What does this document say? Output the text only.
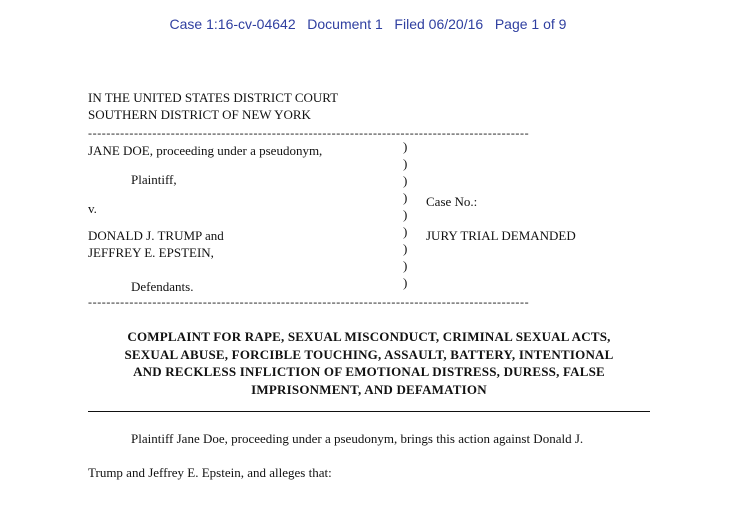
Case 1:16-cv-04642   Document 1   Filed 06/20/16   Page 1 of 9
IN THE UNITED STATES DISTRICT COURT
SOUTHERN DISTRICT OF NEW YORK
------------------------------------------------------------------------------------------------
JANE DOE, proceeding under a pseudonym,
Plaintiff,
v.
DONALD J. TRUMP and
JEFFREY E. EPSTEIN,
Defendants.
------------------------------------------------------------------------------------------------
)
)
)
)
)
)
)
)
)
Case No.:
JURY TRIAL DEMANDED
COMPLAINT FOR RAPE, SEXUAL MISCONDUCT, CRIMINAL SEXUAL ACTS,
SEXUAL ABUSE, FORCIBLE TOUCHING, ASSAULT, BATTERY, INTENTIONAL
AND RECKLESS INFLICTION OF EMOTIONAL DISTRESS, DURESS, FALSE
IMPRISONMENT, AND DEFAMATION
Plaintiff Jane Doe, proceeding under a pseudonym, brings this action against Donald J.
Trump and Jeffrey E. Epstein, and alleges that:
